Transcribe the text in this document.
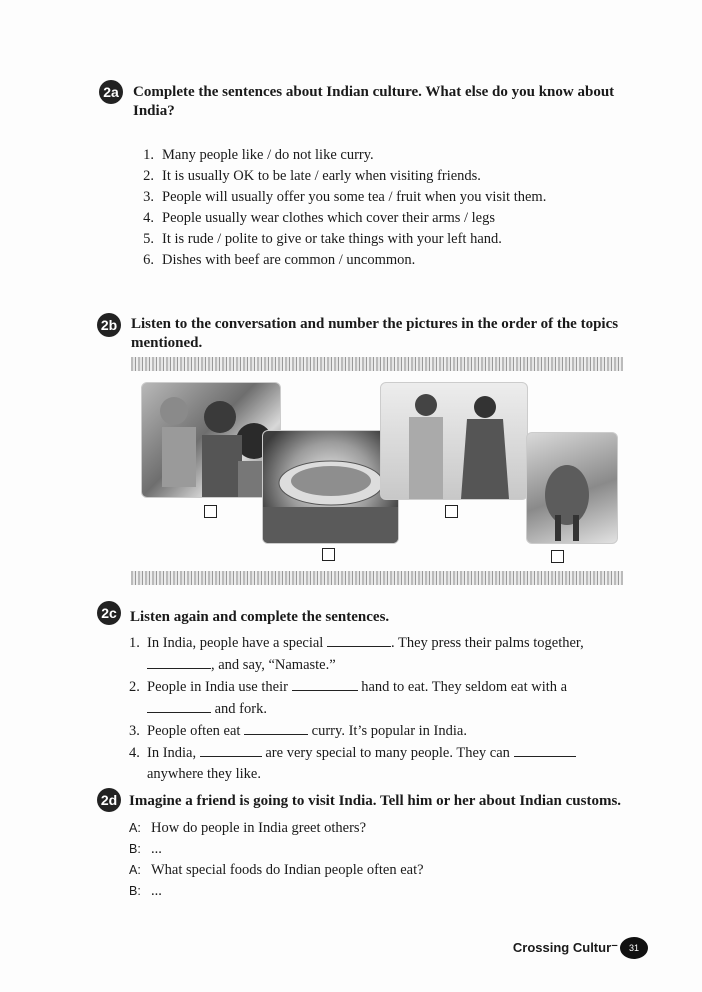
2a Complete the sentences about Indian culture. What else do you know about India?
1. Many people like / do not like curry.
2. It is usually OK to be late / early when visiting friends.
3. People will usually offer you some tea / fruit when you visit them.
4. People usually wear clothes which cover their arms / legs
5. It is rude / polite to give or take things with your left hand.
6. Dishes with beef are common / uncommon.
2b Listen to the conversation and number the pictures in the order of the topics mentioned.
2c Listen again and complete the sentences.
1. In India, people have a special	. They press their palms together,
, and say, “Namaste.”
2. People in India use their	hand to eat. They seldom eat with a
and fork.
3. People often eat	curry. It’s popular in India.
4. In India,	are very special to many people. They can
anywhere they like.
2d Imagine a friend is going to visit India. Tell him or her about Indian customs.
A: How do people in India greet others?
B: ...
A: What special foods do Indian people often eat?
B: ...
Crossing Cultur⁻	31
